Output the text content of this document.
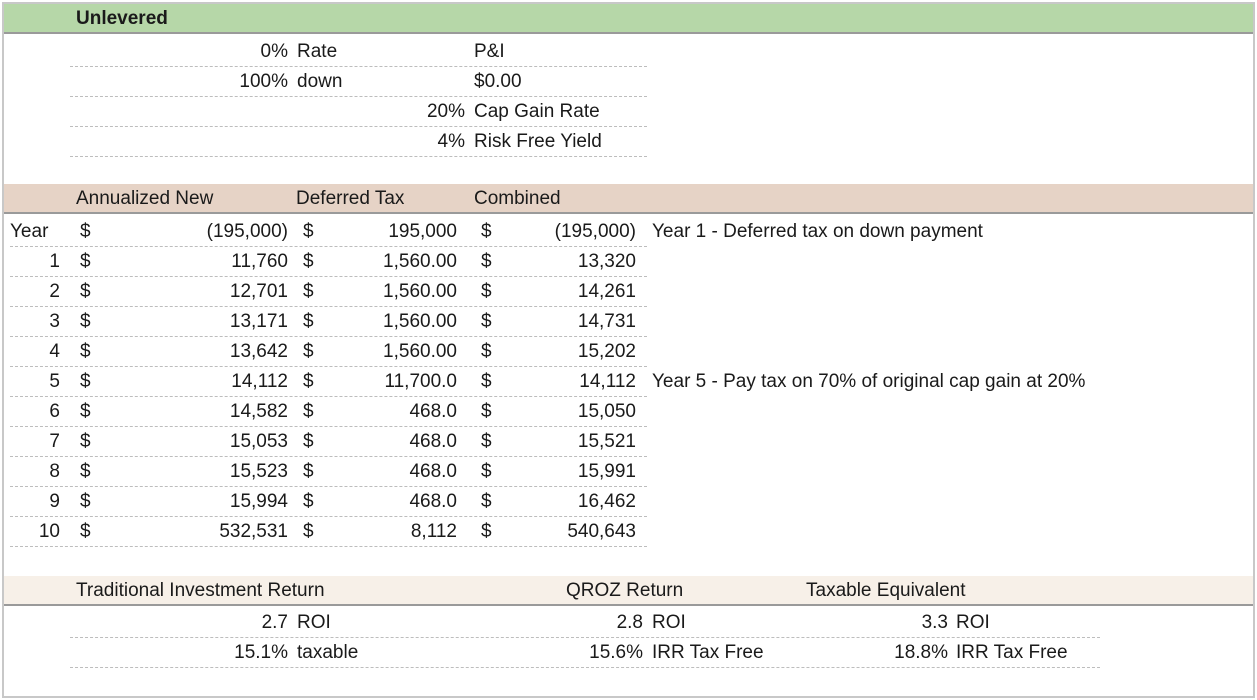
Unlevered
0% Rate	P&I
100% down	$0.00
20% Cap Gain Rate
4% Risk Free Yield
Annualized New	Deferred Tax	Combined
Year	$	(195,000) $	195,000 $	(195,000) Year 1 - Deferred tax on down payment
1 $	11,760 $	1,560.00 $	13,320
2 $	12,701 $	1,560.00 $	14,261
3 $	13,171 $	1,560.00 $	14,731
4 $	13,642 $	1,560.00 $	15,202
5 $	14,112 $	11,700.0 $	14,112 Year 5 - Pay tax on 70% of original cap gain at 20%
6 $	14,582 $	468.0 $	15,050
7 $	15,053 $	468.0 $	15,521
8 $	15,523 $	468.0 $	15,991
9 $	15,994 $	468.0 $	16,462
10 $	532,531 $	8,112 $	540,643
Traditional Investment Return	QROZ Return	Taxable Equivalent
2.7 ROI	2.8 ROI	3.3 ROI
15.1% taxable	15.6% IRR Tax Free	18.8% IRR Tax Free
